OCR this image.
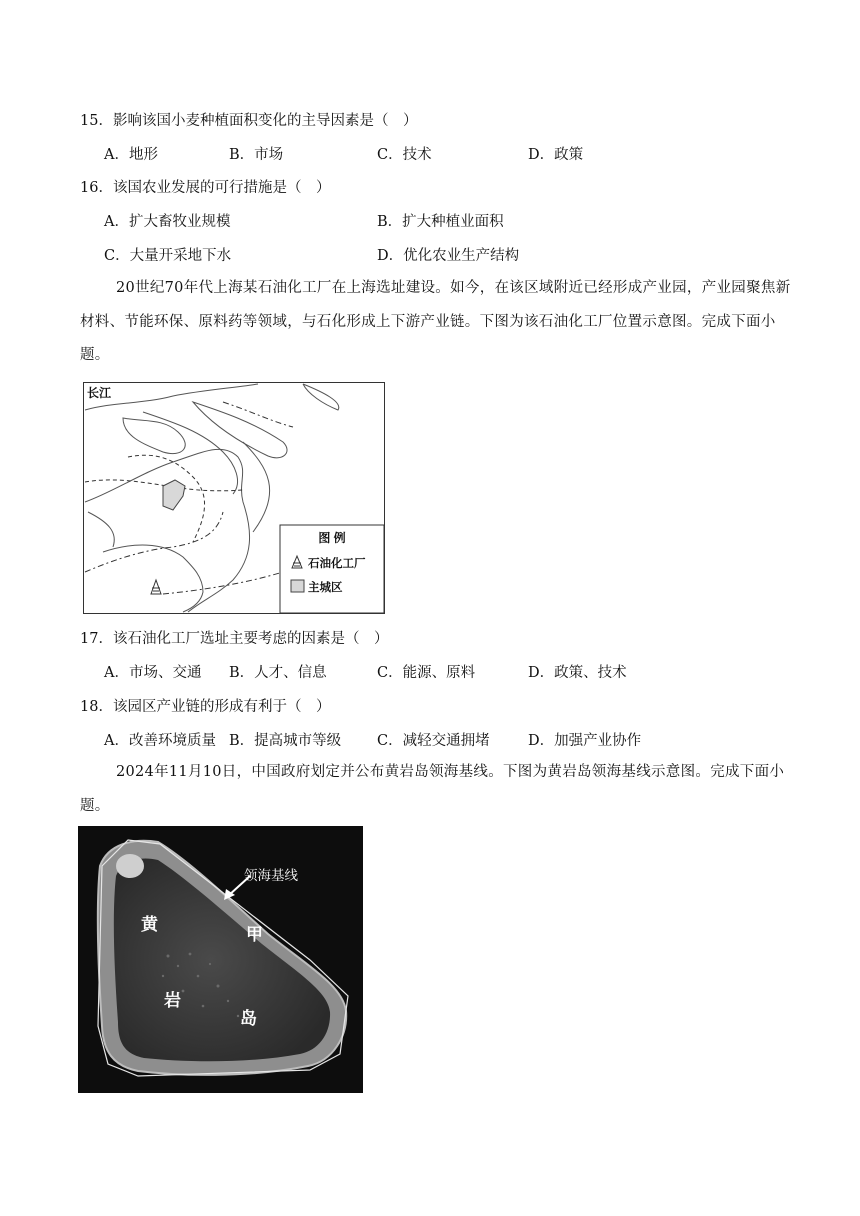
15．影响该国小麦种植面积变化的主导因素是（　）
A．地形	B．市场	C．技术	D．政策
16．该国农业发展的可行措施是（　）
A．扩大畜牧业规模	B．扩大种植业面积
C．大量开采地下水	D．优化农业生产结构
20世纪70年代上海某石油化工厂在上海选址建设。如今，在该区域附近已经形成产业园，产业园聚焦新材料、节能环保、原料药等领域，与石化形成上下游产业链。下图为该石油化工厂位置示意图。完成下面小题。
长江
图 例
石油化工厂
主城区
17．该石油化工厂选址主要考虑的因素是（　）
A．市场、交通 B．人才、信息	C．能源、原料	D．政策、技术
18．该园区产业链的形成有利于（　）
A．改善环境质量 B．提高城市等级 C．减轻交通拥堵	D．加强产业协作
2024年11月10日，中国政府划定并公布黄岩岛领海基线。下图为黄岩岛领海基线示意图。完成下面小题。
领海基线
甲
黄
岩
岛
